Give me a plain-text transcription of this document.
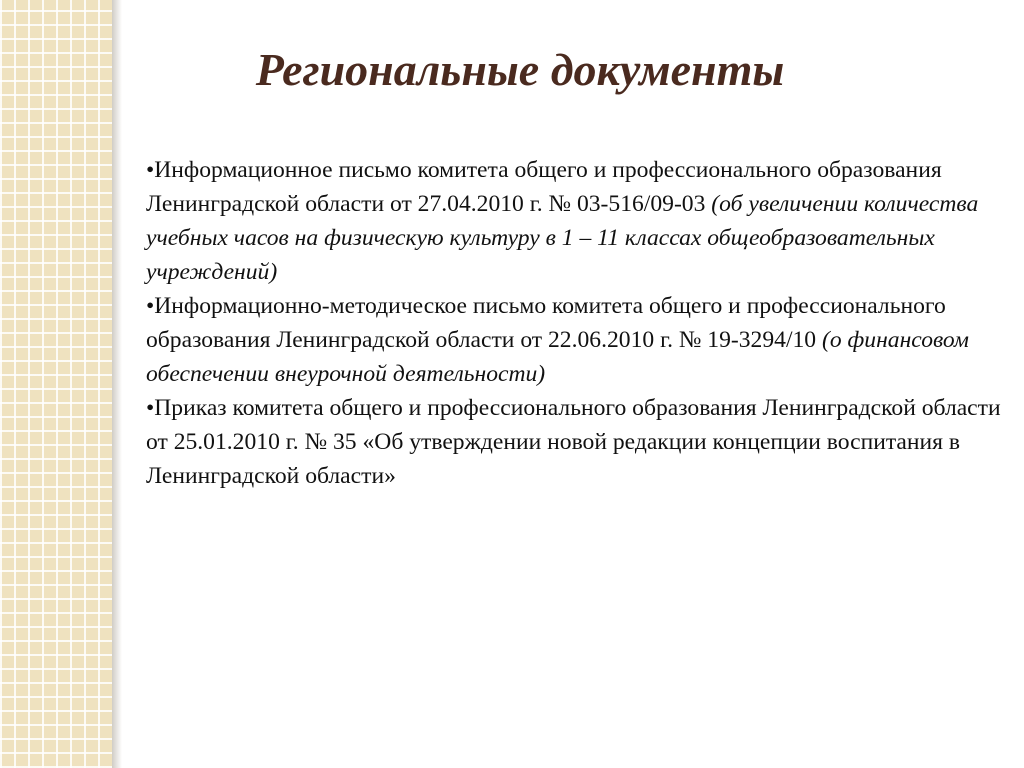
Региональные документы

•Информационное письмо комитета общего и профессионального образования Ленинградской области от 27.04.2010 г. № 03-516/09-03 (об увеличении количества учебных часов на физическую культуру в 1 – 11 классах общеобразовательных учреждений)

•Информационно-методическое письмо комитета общего и профессионального образования Ленинградской области от 22.06.2010 г. № 19-3294/10 (о финансовом обеспечении внеурочной деятельности)

•Приказ комитета общего и профессионального образования Ленинградской области от 25.01.2010 г. № 35 «Об утверждении новой редакции концепции воспитания в Ленинградской области»
